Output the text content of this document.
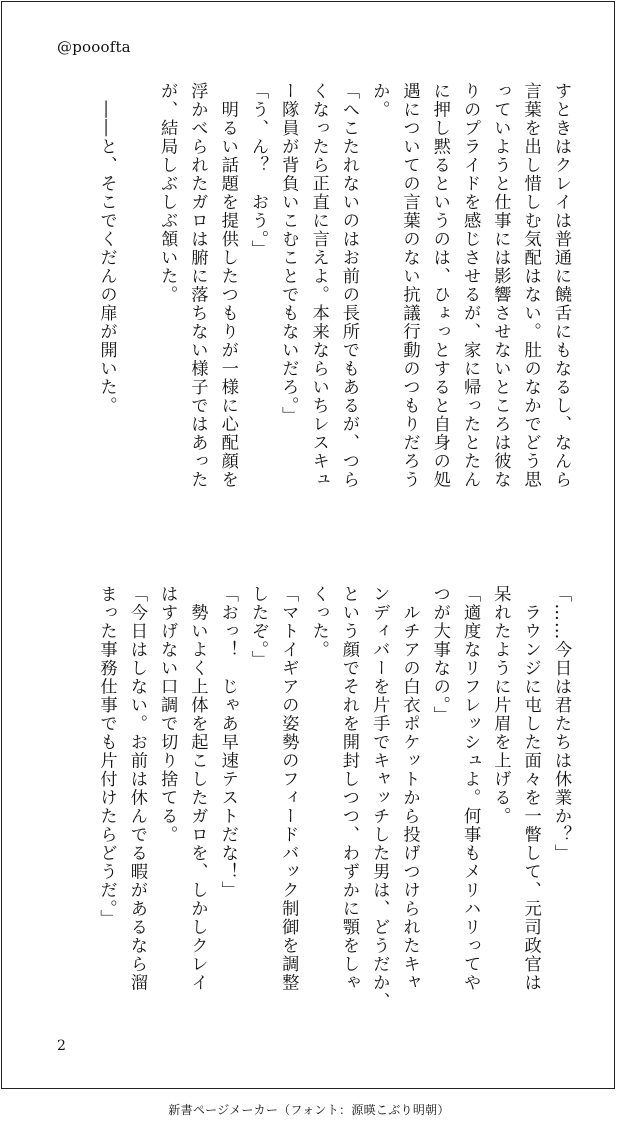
@pooofta
すときはクレイは普通に饒舌にもなるし、なんら
言葉を出し惜しむ気配はない。肚のなかでどう思
っていようと仕事には影響させないところは彼な
りのプライドを感じさせるが、家に帰ったとたん
に押し黙るというのは、ひょっとすると自身の処
遇についての言葉のない抗議行動のつもりだろう
か。
「へこたれないのはお前の長所でもあるが、つら
くなったら正直に言えよ。本来ならいちレスキュ
ー隊員が背負いこむことでもないだろ。」
「う、ん？　おう。」
　明るい話題を提供したつもりが一様に心配顔を
浮かべられたガロは腑に落ちない様子ではあった
が、結局しぶしぶ頷いた。
　――と、そこでくだんの扉が開いた。
「……今日は君たちは休業か？」
　ラウンジに屯した面々を一瞥して、元司政官は
呆れたように片眉を上げる。
「適度なリフレッシュよ。何事もメリハリってや
つが大事なの。」
　ルチアの白衣ポケットから投げつけられたキャ
ンディバーを片手でキャッチした男は、どうだか、
という顔でそれを開封しつつ、わずかに顎をしゃ
くった。
「マトイギアの姿勢のフィードバック制御を調整
したぞ。」
「おっ！　じゃあ早速テストだな！」
　勢いよく上体を起こしたガロを、しかしクレイ
はすげない口調で切り捨てる。
「今日はしない。お前は休んでる暇があるなら溜
まった事務仕事でも片付けたらどうだ。」
2
新書ページメーカー（フォント：源暎こぶり明朝）
